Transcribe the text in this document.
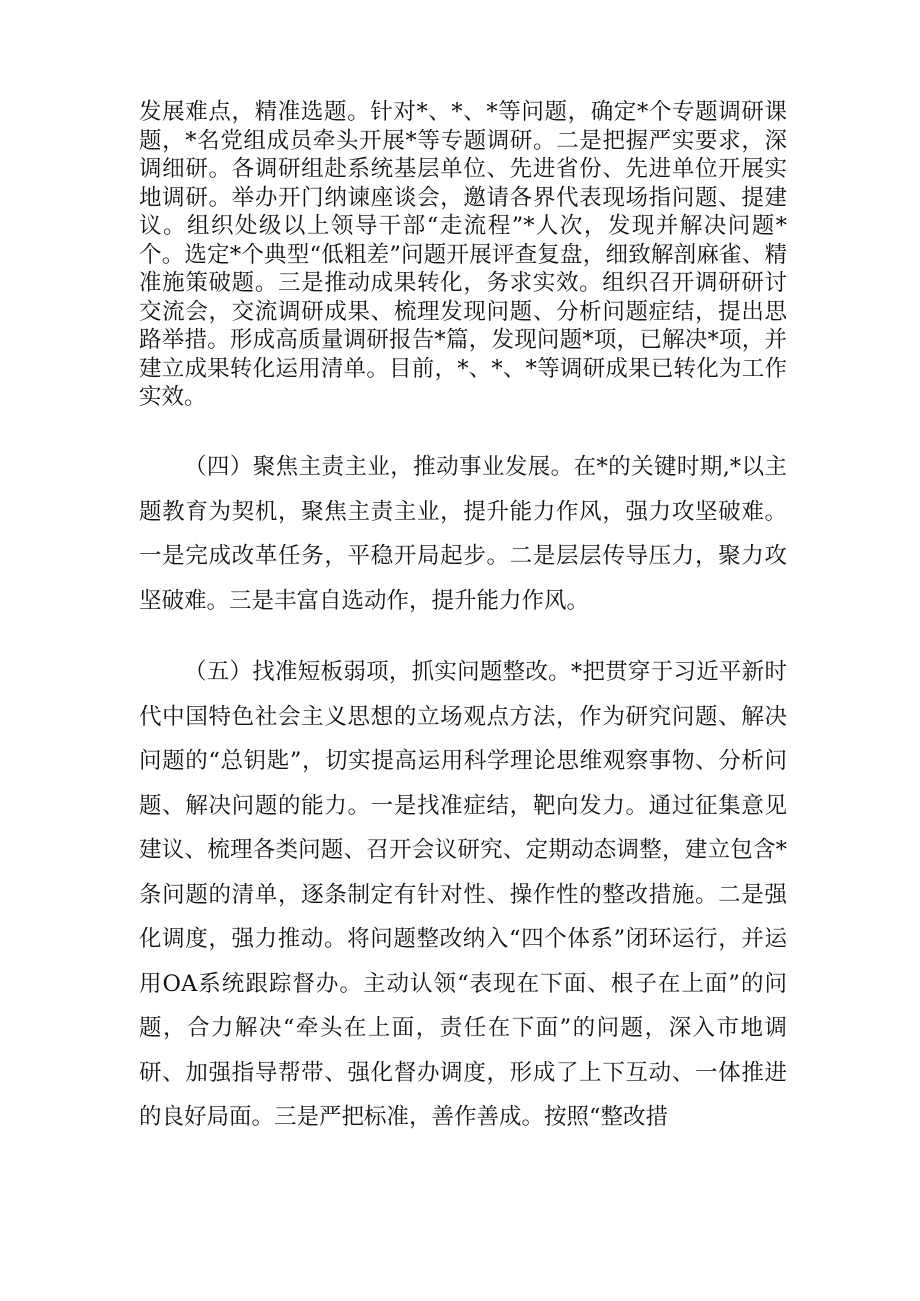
发展难点，精准选题。针对*、*、*等问题，确定*个专题调研课题，*名党组成员牵头开展*等专题调研。二是把握严实要求，深调细研。各调研组赴系统基层单位、先进省份、先进单位开展实地调研。举办开门纳谏座谈会，邀请各界代表现场指问题、提建议。组织处级以上领导干部“走流程”*人次，发现并解决问题*个。选定*个典型“低粗差”问题开展评查复盘，细致解剖麻雀、精准施策破题。三是推动成果转化，务求实效。组织召开调研研讨交流会，交流调研成果、梳理发现问题、分析问题症结，提出思路举措。形成高质量调研报告*篇，发现问题*项，已解决*项，并建立成果转化运用清单。目前，*、*、*等调研成果已转化为工作实效。

（四）聚焦主责主业，推动事业发展。在*的关键时期,*以主题教育为契机，聚焦主责主业，提升能力作风，强力攻坚破难。一是完成改革任务，平稳开局起步。二是层层传导压力，聚力攻坚破难。三是丰富自选动作，提升能力作风。

（五）找准短板弱项，抓实问题整改。*把贯穿于习近平新时代中国特色社会主义思想的立场观点方法，作为研究问题、解决问题的“总钥匙”，切实提高运用科学理论思维观察事物、分析问题、解决问题的能力。一是找准症结，靶向发力。通过征集意见建议、梳理各类问题、召开会议研究、定期动态调整，建立包含*条问题的清单，逐条制定有针对性、操作性的整改措施。二是强化调度，强力推动。将问题整改纳入“四个体系”闭环运行，并运用OA系统跟踪督办。主动认领“表现在下面、根子在上面”的问题，合力解决“牵头在上面，责任在下面”的问题，深入市地调研、加强指导帮带、强化督办调度，形成了上下互动、一体推进的良好局面。三是严把标准，善作善成。按照“整改措
